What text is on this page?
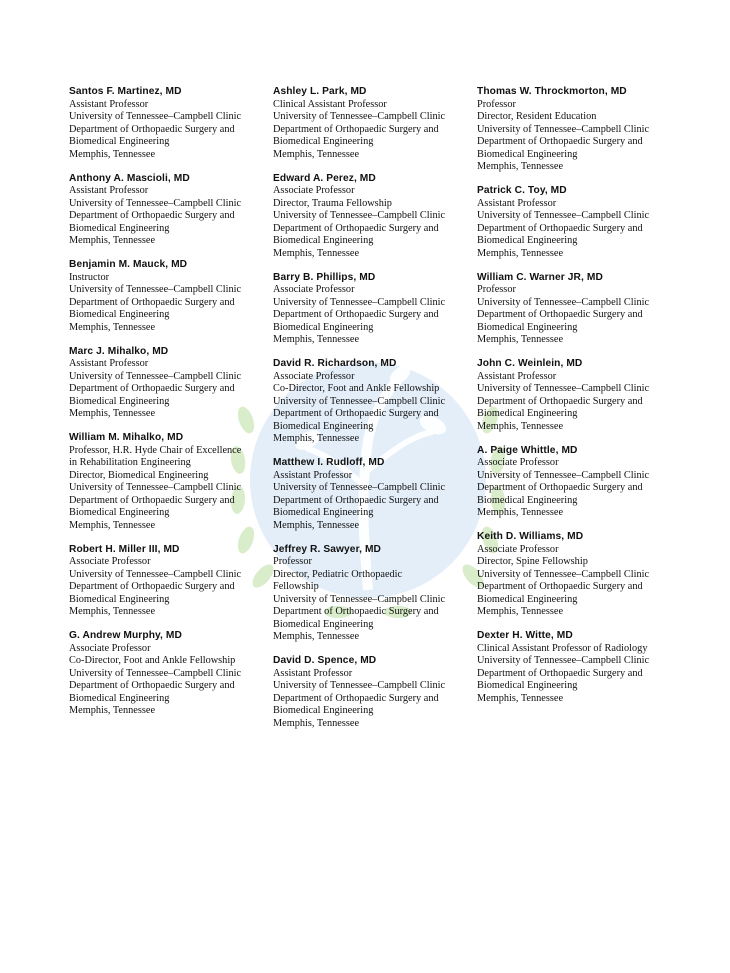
Santos F. Martinez, MD
Assistant Professor
University of Tennessee–Campbell Clinic
Department of Orthopaedic Surgery and
Biomedical Engineering
Memphis, Tennessee
Anthony A. Mascioli, MD
Assistant Professor
University of Tennessee–Campbell Clinic
Department of Orthopaedic Surgery and
Biomedical Engineering
Memphis, Tennessee
Benjamin M. Mauck, MD
Instructor
University of Tennessee–Campbell Clinic
Department of Orthopaedic Surgery and
Biomedical Engineering
Memphis, Tennessee
Marc J. Mihalko, MD
Assistant Professor
University of Tennessee–Campbell Clinic
Department of Orthopaedic Surgery and
Biomedical Engineering
Memphis, Tennessee
William M. Mihalko, MD
Professor, H.R. Hyde Chair of Excellence
in Rehabilitation Engineering
Director, Biomedical Engineering
University of Tennessee–Campbell Clinic
Department of Orthopaedic Surgery and
Biomedical Engineering
Memphis, Tennessee
Robert H. Miller III, MD
Associate Professor
University of Tennessee–Campbell Clinic
Department of Orthopaedic Surgery and
Biomedical Engineering
Memphis, Tennessee
G. Andrew Murphy, MD
Associate Professor
Co-Director, Foot and Ankle Fellowship
University of Tennessee–Campbell Clinic
Department of Orthopaedic Surgery and
Biomedical Engineering
Memphis, Tennessee
Ashley L. Park, MD
Clinical Assistant Professor
University of Tennessee–Campbell Clinic
Department of Orthopaedic Surgery and
Biomedical Engineering
Memphis, Tennessee
Edward A. Perez, MD
Associate Professor
Director, Trauma Fellowship
University of Tennessee–Campbell Clinic
Department of Orthopaedic Surgery and
Biomedical Engineering
Memphis, Tennessee
Barry B. Phillips, MD
Associate Professor
University of Tennessee–Campbell Clinic
Department of Orthopaedic Surgery and
Biomedical Engineering
Memphis, Tennessee
David R. Richardson, MD
Associate Professor
Co-Director, Foot and Ankle Fellowship
University of Tennessee–Campbell Clinic
Department of Orthopaedic Surgery and
Biomedical Engineering
Memphis, Tennessee
Matthew I. Rudloff, MD
Assistant Professor
University of Tennessee–Campbell Clinic
Department of Orthopaedic Surgery and
Biomedical Engineering
Memphis, Tennessee
Jeffrey R. Sawyer, MD
Professor
Director, Pediatric Orthopaedic
Fellowship
University of Tennessee–Campbell Clinic
Department of Orthopaedic Surgery and
Biomedical Engineering
Memphis, Tennessee
David D. Spence, MD
Assistant Professor
University of Tennessee–Campbell Clinic
Department of Orthopaedic Surgery and
Biomedical Engineering
Memphis, Tennessee
Thomas W. Throckmorton, MD
Professor
Director, Resident Education
University of Tennessee–Campbell Clinic
Department of Orthopaedic Surgery and
Biomedical Engineering
Memphis, Tennessee
Patrick C. Toy, MD
Assistant Professor
University of Tennessee–Campbell Clinic
Department of Orthopaedic Surgery and
Biomedical Engineering
Memphis, Tennessee
William C. Warner JR, MD
Professor
University of Tennessee–Campbell Clinic
Department of Orthopaedic Surgery and
Biomedical Engineering
Memphis, Tennessee
John C. Weinlein, MD
Assistant Professor
University of Tennessee–Campbell Clinic
Department of Orthopaedic Surgery and
Biomedical Engineering
Memphis, Tennessee
A. Paige Whittle, MD
Associate Professor
University of Tennessee–Campbell Clinic
Department of Orthopaedic Surgery and
Biomedical Engineering
Memphis, Tennessee
Keith D. Williams, MD
Associate Professor
Director, Spine Fellowship
University of Tennessee–Campbell Clinic
Department of Orthopaedic Surgery and
Biomedical Engineering
Memphis, Tennessee
Dexter H. Witte, MD
Clinical Assistant Professor of Radiology
University of Tennessee–Campbell Clinic
Department of Orthopaedic Surgery and
Biomedical Engineering
Memphis, Tennessee
